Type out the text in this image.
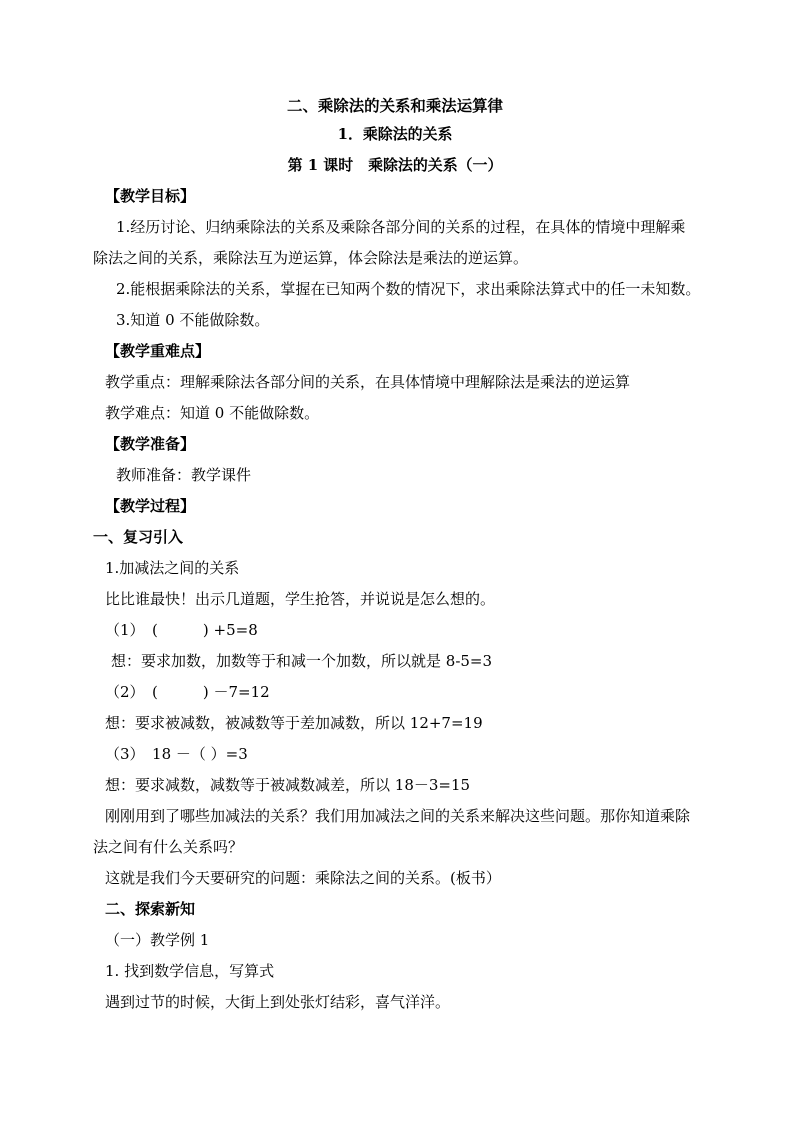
二、乘除法的关系和乘法运算律
1．乘除法的关系
第 1 课时　乘除法的关系（一）
【教学目标】
1.经历讨论、归纳乘除法的关系及乘除各部分间的关系的过程，在具体的情境中理解乘
除法之间的关系，乘除法互为逆运算，体会除法是乘法的逆运算。
2.能根据乘除法的关系，掌握在已知两个数的情况下，求出乘除法算式中的任一未知数。
3.知道 0 不能做除数。
【教学重难点】
教学重点：理解乘除法各部分间的关系，在具体情境中理解除法是乘法的逆运算
教学难点：知道 0 不能做除数。
【教学准备】
教师准备：教学课件
【教学过程】
一、复习引入
1.加减法之间的关系
比比谁最快！出示几道题，学生抢答，并说说是怎么想的。
（1）　(　　　) +5=8
想：要求加数，加数等于和减一个加数，所以就是 8-5=3
（2）　(　　　) －7=12
想：要求被减数，被减数等于差加减数，所以 12+7=19
（3）　18 －（ ）=3
想：要求减数，减数等于被减数减差，所以 18－3=15
刚刚用到了哪些加减法的关系？我们用加减法之间的关系来解决这些问题。那你知道乘除
法之间有什么关系吗？
这就是我们今天要研究的问题：乘除法之间的关系。(板书）
二、探索新知
（一）教学例 1
1. 找到数学信息，写算式
遇到过节的时候，大街上到处张灯结彩，喜气洋洋。
